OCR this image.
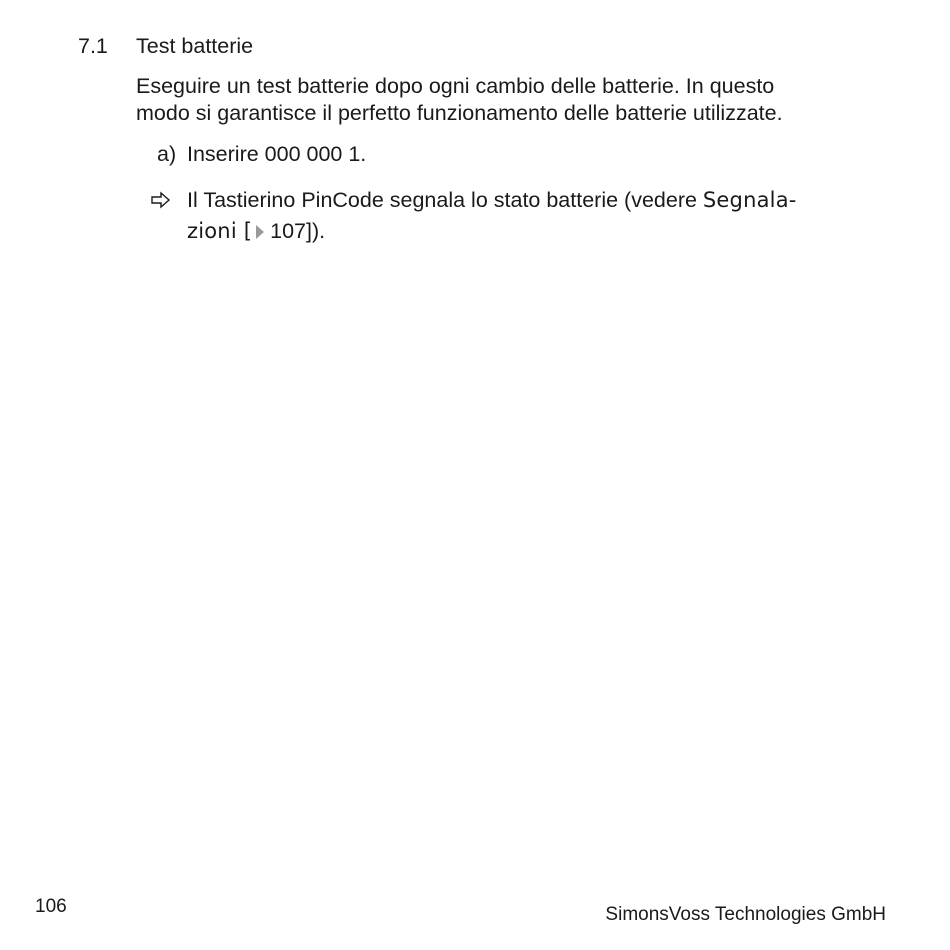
7.1 Test batterie
Eseguire un test batterie dopo ogni cambio delle batterie. In questo
modo si garantisce il perfetto funzionamento delle batterie utilizzate.
a) Inserire 000 000 1.
Il Tastierino PinCode segnala lo stato batterie (vedere Segnala-
zioni [ 107]).
106	SimonsVoss Technologies GmbH
